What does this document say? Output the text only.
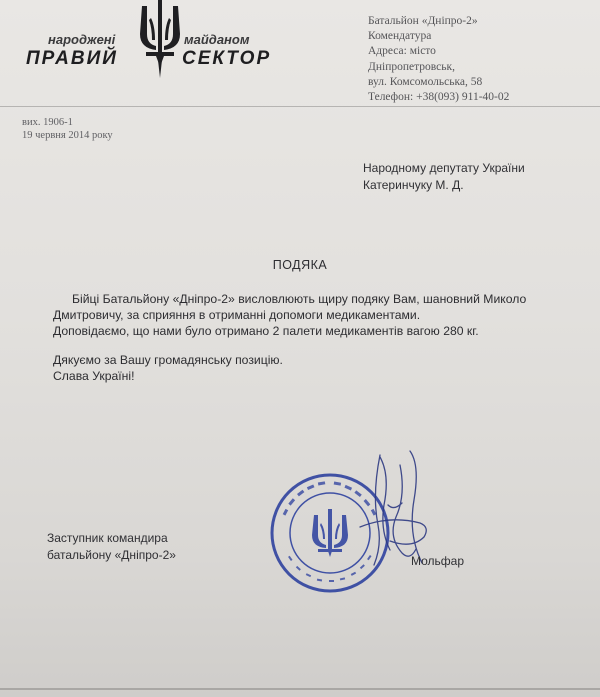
народжені	майданом
ПРАВИЙ	СЕКТОР
Батальйон «Дніпро-2»
Комендатура
Адреса: місто
Дніпропетровськ,
вул. Комсомольська, 58
Телефон: +38(093) 911-40-02
вих. 1906-1
19 червня 2014 року
Народному депутату України
Катеринчуку М. Д.
ПОДЯКА

Бійці Батальйону «Дніпро-2» висловлюють щиру подяку Вам, шановний Миколо Дмитровичу, за сприяння в отриманні допомоги медикаментами.

Доповідаємо, що нами було отримано 2 палети медикаментів вагою 280 кг.

Дякуємо за Вашу громадянську позицію.

Слава Україні!

Заступник командира
батальйону «Дніпро-2»	Мольфар
